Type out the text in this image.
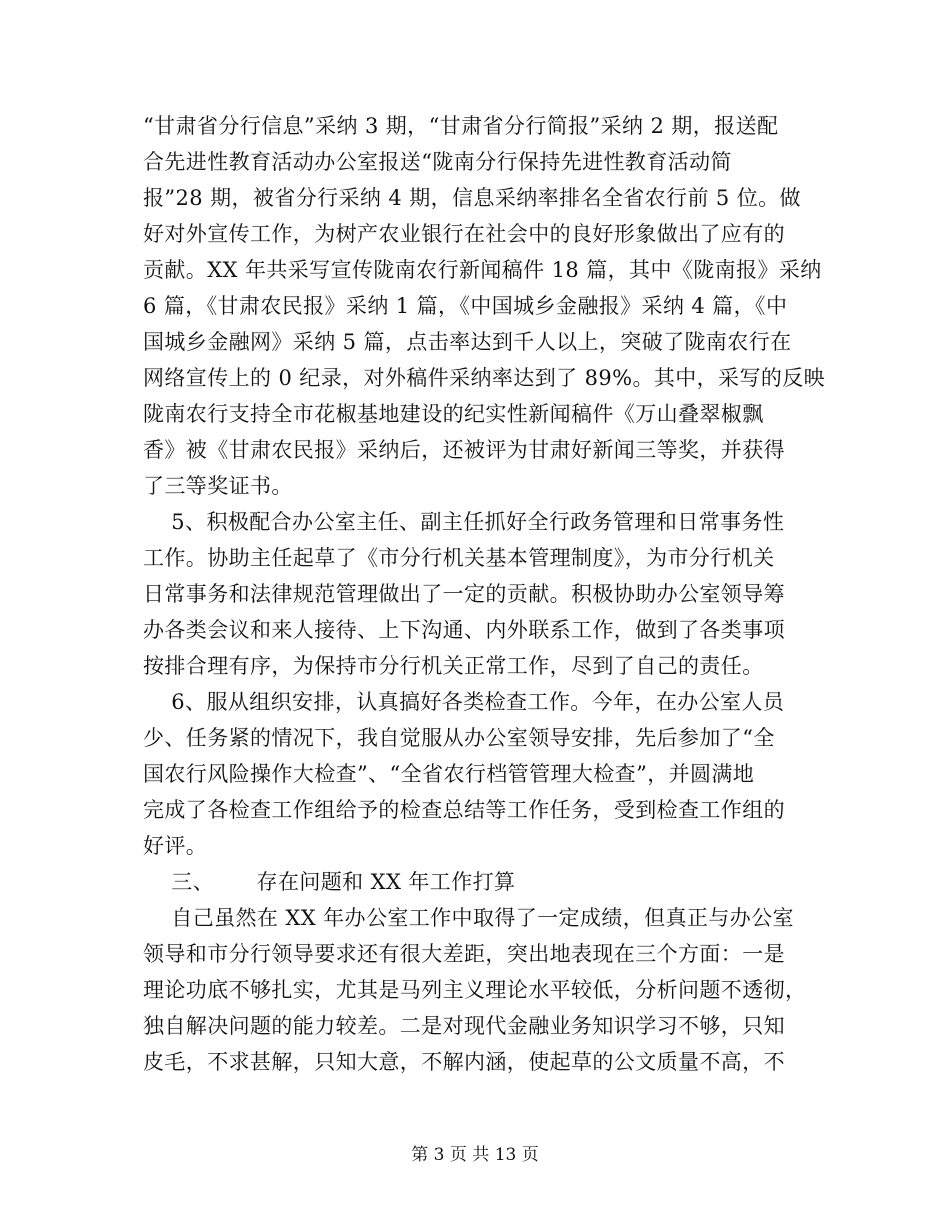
“甘肃省分行信息”采纳 3 期，“甘肃省分行简报”采纳 2 期，报送配
合先进性教育活动办公室报送“陇南分行保持先进性教育活动简
报”28 期，被省分行采纳 4 期，信息采纳率排名全省农行前 5 位。做
好对外宣传工作，为树产农业银行在社会中的良好形象做出了应有的
贡献。XX 年共采写宣传陇南农行新闻稿件 18 篇，其中《陇南报》采纳
6 篇，《甘肃农民报》采纳 1 篇，《中国城乡金融报》采纳 4 篇，《中
国城乡金融网》采纳 5 篇，点击率达到千人以上，突破了陇南农行在
网络宣传上的 0 纪录，对外稿件采纳率达到了 89%。其中，采写的反映
陇南农行支持全市花椒基地建设的纪实性新闻稿件《万山叠翠椒飘
香》被《甘肃农民报》采纳后，还被评为甘肃好新闻三等奖，并获得
了三等奖证书。
5、积极配合办公室主任、副主任抓好全行政务管理和日常事务性
工作。协助主任起草了《市分行机关基本管理制度》，为市分行机关
日常事务和法律规范管理做出了一定的贡献。积极协助办公室领导筹
办各类会议和来人接待、上下沟通、内外联系工作，做到了各类事项
按排合理有序，为保持市分行机关正常工作，尽到了自己的责任。
6、服从组织安排，认真搞好各类检查工作。今年，在办公室人员
少、任务紧的情况下，我自觉服从办公室领导安排，先后参加了“全
国农行风险操作大检查”、“全省农行档管管理大检查”，并圆满地
完成了各检查工作组给予的检查总结等工作任务，受到检查工作组的
好评。
三、      存在问题和 XX 年工作打算
自己虽然在 XX 年办公室工作中取得了一定成绩，但真正与办公室
领导和市分行领导要求还有很大差距，突出地表现在三个方面：一是
理论功底不够扎实，尤其是马列主义理论水平较低，分析问题不透彻，
独自解决问题的能力较差。二是对现代金融业务知识学习不够，只知
皮毛，不求甚解，只知大意，不解内涵，使起草的公文质量不高，不
第 3 页 共 13 页
